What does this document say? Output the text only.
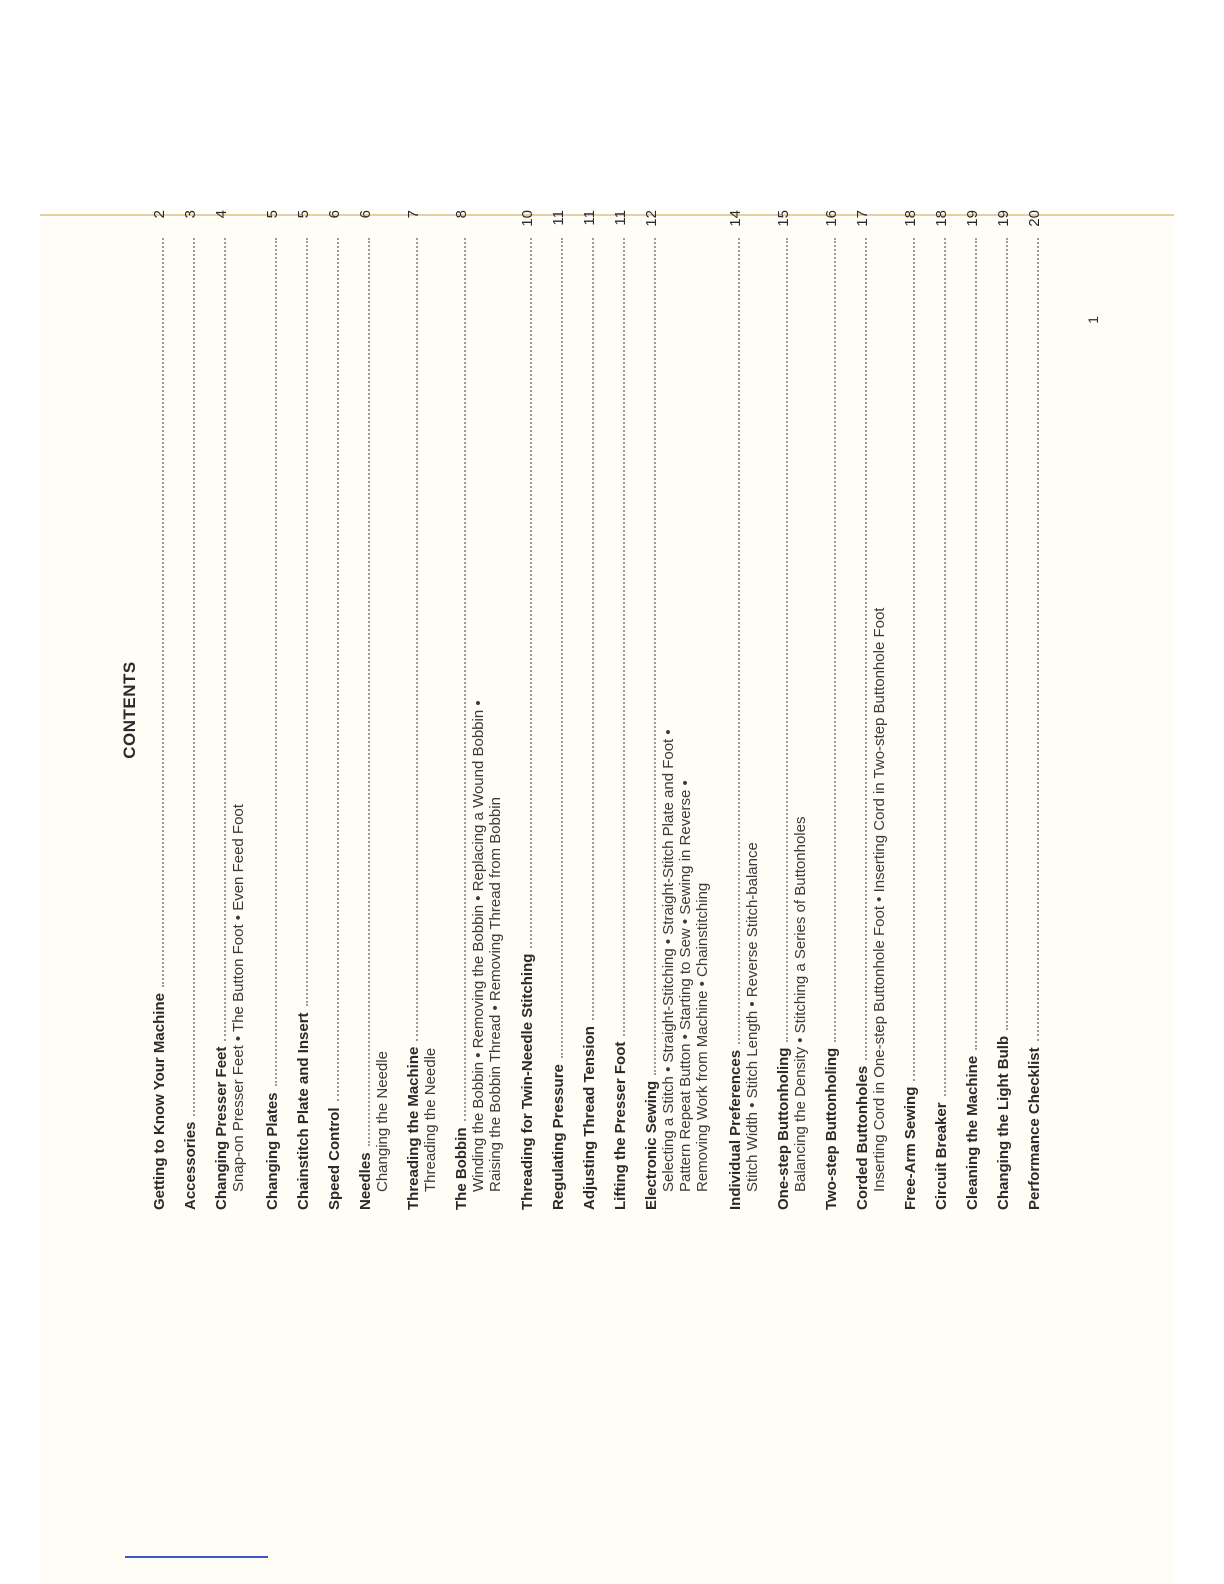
CONTENTS
Getting to Know Your Machine
2
Accessories
3
Changing Presser Feet
4
Snap-on Presser Feet • The Button Foot • Even Feed Foot Changing Plates
5
Chainstitch Plate and Insert
5
Speed Control
6
Needles
6
Changing the Needle Threading the Machine
7
Threading the Needle The Bobbin
8
Winding the Bobbin • Removing the Bobbin • Replacing a Wound Bobbin • Raising the Bobbin Thread • Removing Thread from Bobbin Threading for Twin-Needle Stitching
10
Regulating Pressure
11
Adjusting Thread Tension
11
Lifting the Presser Foot
11
Electronic Sewing
12
Selecting a Stitch • Straight-Stitching • Straight-Stitch Plate and Foot • Pattern Repeat Button • Starting to Sew • Sewing in Reverse • Removing Work from Machine • Chainstitching Individual Preferences
14
Stitch Width • Stitch Length • Reverse Stitch-balance One-step Buttonholing
15
Balancing the Density • Stitching a Series of Buttonholes Two-step Buttonholing
16
Corded Buttonholes
17
Inserting Cord in One-step Buttonhole Foot • Inserting Cord in Two-step Buttonhole Foot Free-Arm Sewing
18
Circuit Breaker
18
Cleaning the Machine
19
Changing the Light Bulb
19
Performance Checklist
20
1
